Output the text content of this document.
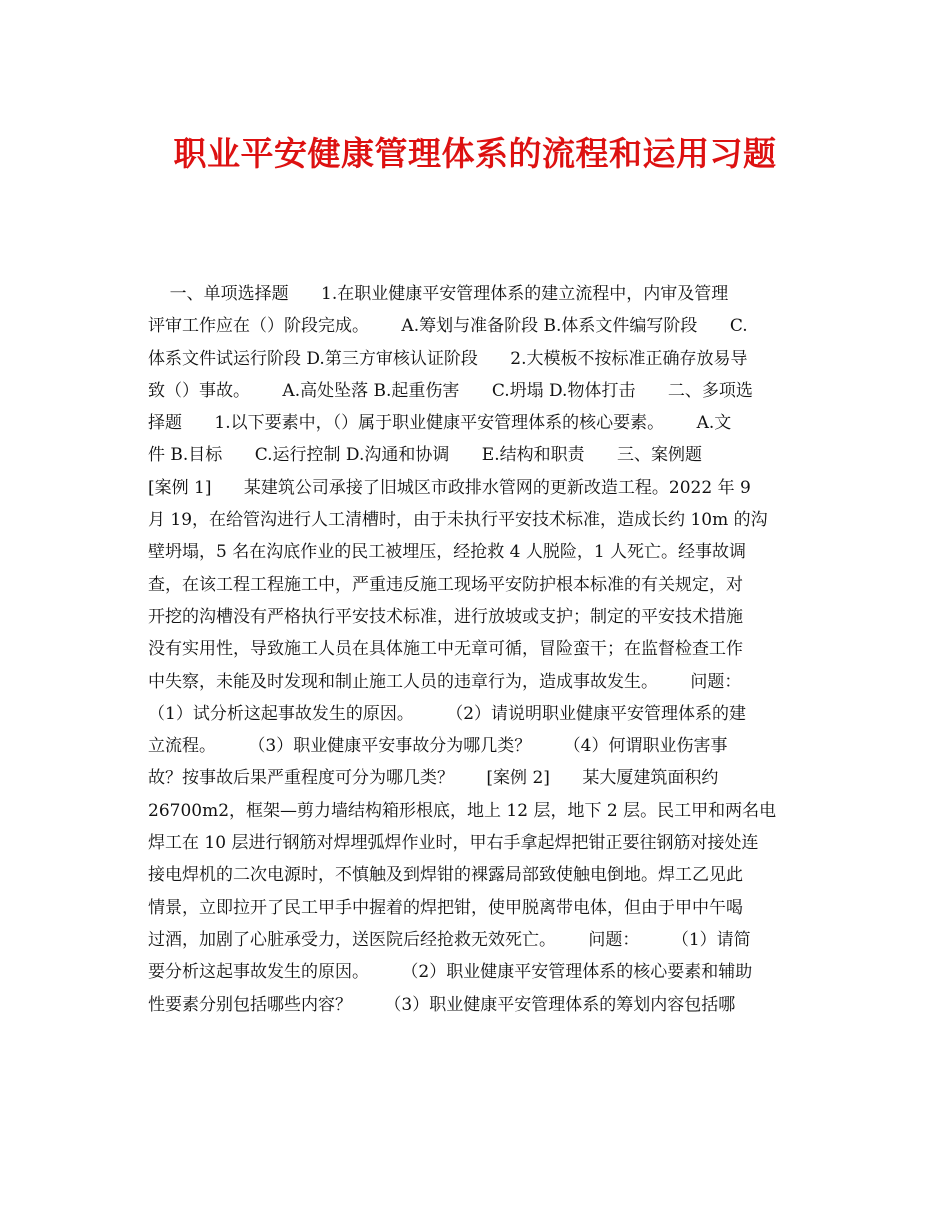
职业平安健康管理体系的流程和运用习题
一、单项选择题      1.在职业健康平安管理体系的建立流程中，内审及管理
评审工作应在（）阶段完成。      A.筹划与准备阶段 B.体系文件编写阶段      C.
体系文件试运行阶段 D.第三方审核认证阶段      2.大模板不按标准正确存放易导
致（）事故。      A.高处坠落 B.起重伤害      C.坍塌 D.物体打击      二、多项选
择题      1.以下要素中，（）属于职业健康平安管理体系的核心要素。      A.文
件 B.目标      C.运行控制 D.沟通和协调      E.结构和职责      三、案例题
[案例 1]      某建筑公司承接了旧城区市政排水管网的更新改造工程。2022 年 9
月 19，在给管沟进行人工清槽时，由于未执行平安技术标准，造成长约 10m 的沟
壁坍塌，5 名在沟底作业的民工被埋压，经抢救 4 人脱险，1 人死亡。经事故调
查，在该工程工程施工中，严重违反施工现场平安防护根本标准的有关规定，对
开挖的沟槽没有严格执行平安技术标准，进行放坡或支护；制定的平安技术措施
没有实用性，导致施工人员在具体施工中无章可循，冒险蛮干；在监督检查工作
中失察，未能及时发现和制止施工人员的违章行为，造成事故发生。      问题：
（1）试分析这起事故发生的原因。      （2）请说明职业健康平安管理体系的建
立流程。      （3）职业健康平安事故分为哪几类？      （4）何谓职业伤害事
故？按事故后果严重程度可分为哪几类？      [案例 2]      某大厦建筑面积约
26700m2，框架—剪力墙结构箱形根底，地上 12 层，地下 2 层。民工甲和两名电
焊工在 10 层进行钢筋对焊埋弧焊作业时，甲右手拿起焊把钳正要往钢筋对接处连
接电焊机的二次电源时，不慎触及到焊钳的裸露局部致使触电倒地。焊工乙见此
情景，立即拉开了民工甲手中握着的焊把钳，使甲脱离带电体，但由于甲中午喝
过酒，加剧了心脏承受力，送医院后经抢救无效死亡。      问题：      （1）请简
要分析这起事故发生的原因。      （2）职业健康平安管理体系的核心要素和辅助
性要素分别包括哪些内容？      （3）职业健康平安管理体系的筹划内容包括哪
